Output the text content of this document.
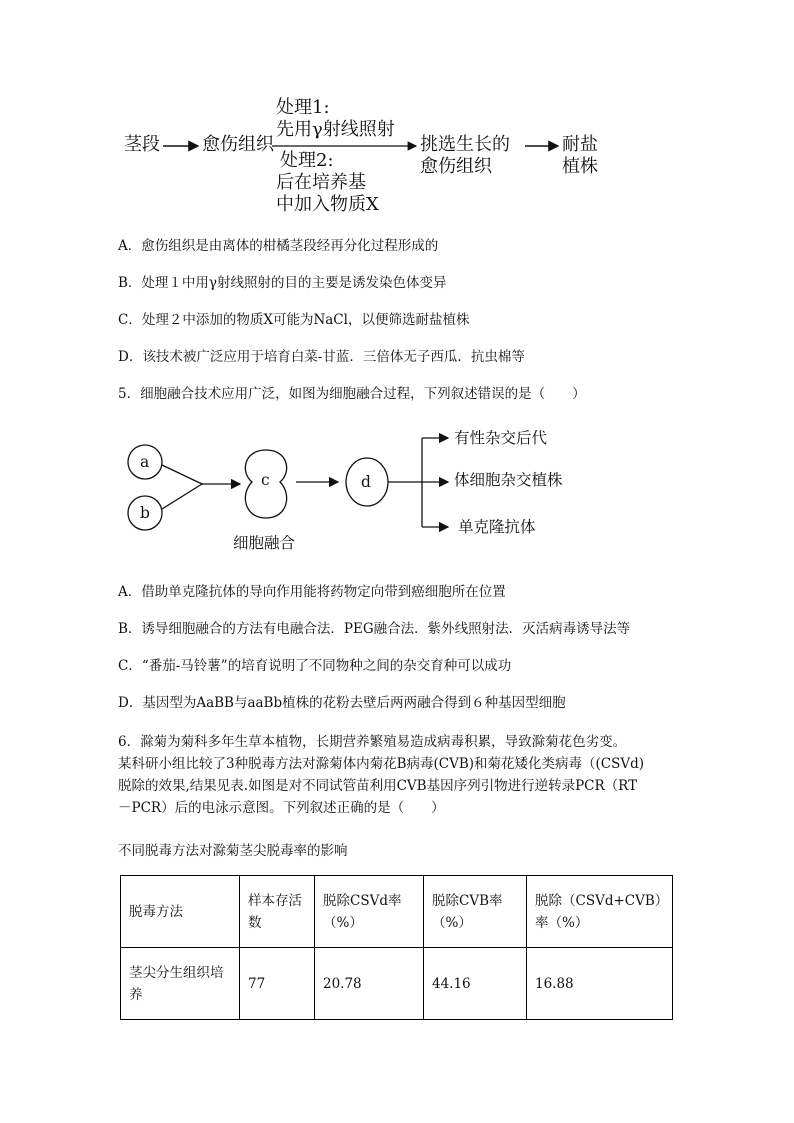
茎段 愈伤组织
处理1:
先用γ射线照射
处理2:
后在培养基
中加入物质X
挑选生长的
愈伤组织
耐盐
植株
A．愈伤组织是由离体的柑橘茎段经再分化过程形成的
B．处理１中用γ射线照射的目的主要是诱发染色体变异
C．处理２中添加的物质X可能为NaCl，以便筛选耐盐植株
D．该技术被广泛应用于培育白菜-甘蓝．三倍体无子西瓜．抗虫棉等
5．细胞融合技术应用广泛，如图为细胞融合过程，下列叙述错误的是（　　）
a
b
c	d
细胞融合
有性杂交后代
体细胞杂交植株
单克隆抗体
A．借助单克隆抗体的导向作用能将药物定向带到癌细胞所在位置
B．诱导细胞融合的方法有电融合法．PEG融合法．紫外线照射法．灭活病毒诱导法等
C．“番茄-马铃薯”的培育说明了不同物种之间的杂交育种可以成功
D．基因型为AaBB与aaBb植株的花粉去壁后两两融合得到６种基因型细胞
6．滁菊为菊科多年生草本植物，长期营养繁殖易造成病毒积累，导致滁菊花色劣变。
某科研小组比较了3种脱毒方法对滁菊体内菊花B病毒(CVB)和菊花矮化类病毒（(CSVd)
脱除的效果,结果见表.如图是对不同试管苗利用CVB基因序列引物进行逆转录PCR（RT
－PCR）后的电泳示意图。下列叙述正确的是（　　）
不同脱毒方法对滁菊茎尖脱毒率的影响
脱毒方法	样本存活数	脱除CSVd率（%）	脱除CVB率（%）	脱除（CSVd+CVB）率（%）
茎尖分生组织培养	77	20.78	44.16	16.88
